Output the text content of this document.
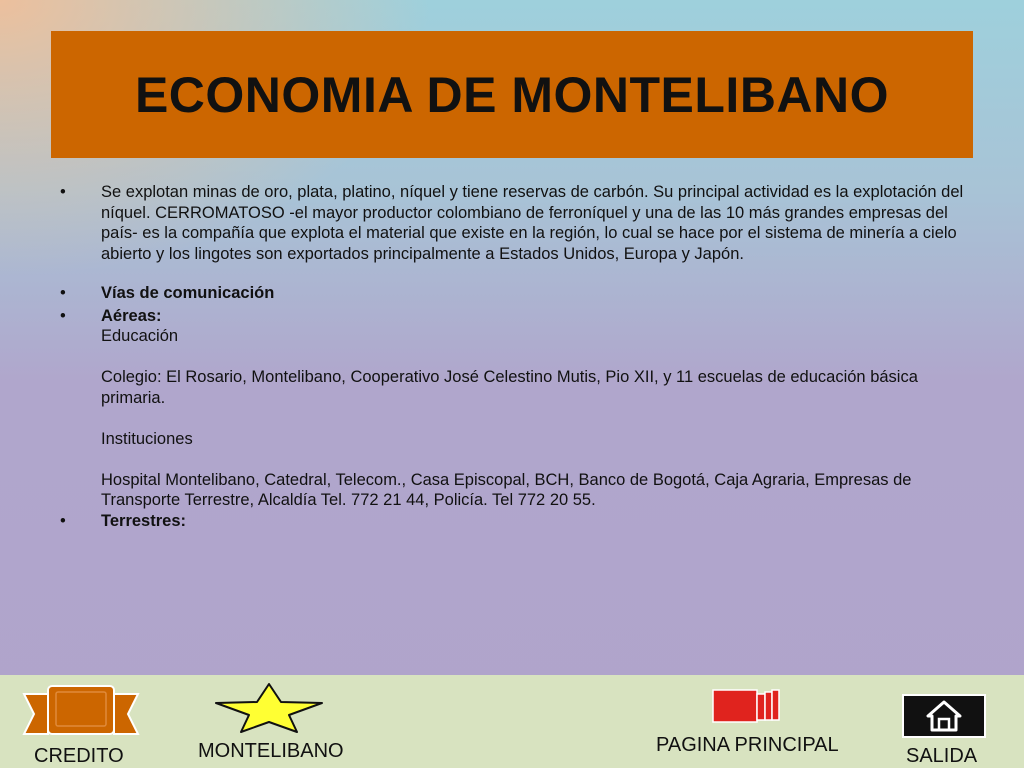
ECONOMIA DE MONTELIBANO
• Se explotan minas de oro, plata, platino, níquel y tiene reservas de carbón. Su principal actividad es la explotación del níquel. CERROMATOSO -el mayor productor colombiano de ferroníquel y una de las 10 más grandes empresas del país- es la compañía que explota el material que existe en la región, lo cual se hace por el sistema de minería a cielo abierto y los lingotes son exportados principalmente a Estados Unidos, Europa y Japón.
• Vías de comunicación
• Aéreas:
Educación
Colegio: El Rosario, Montelibano, Cooperativo José Celestino Mutis, Pio XII, y 11 escuelas de educación básica primaria.
Instituciones
Hospital Montelibano, Catedral, Telecom., Casa Episcopal, BCH, Banco de Bogotá, Caja Agraria, Empresas de Transporte Terrestre, Alcaldía Tel. 772 21 44, Policía. Tel 772 20 55.
• Terrestres:
CREDITO	MONTELIBANO	PAGINA PRINCIPAL	SALIDA
